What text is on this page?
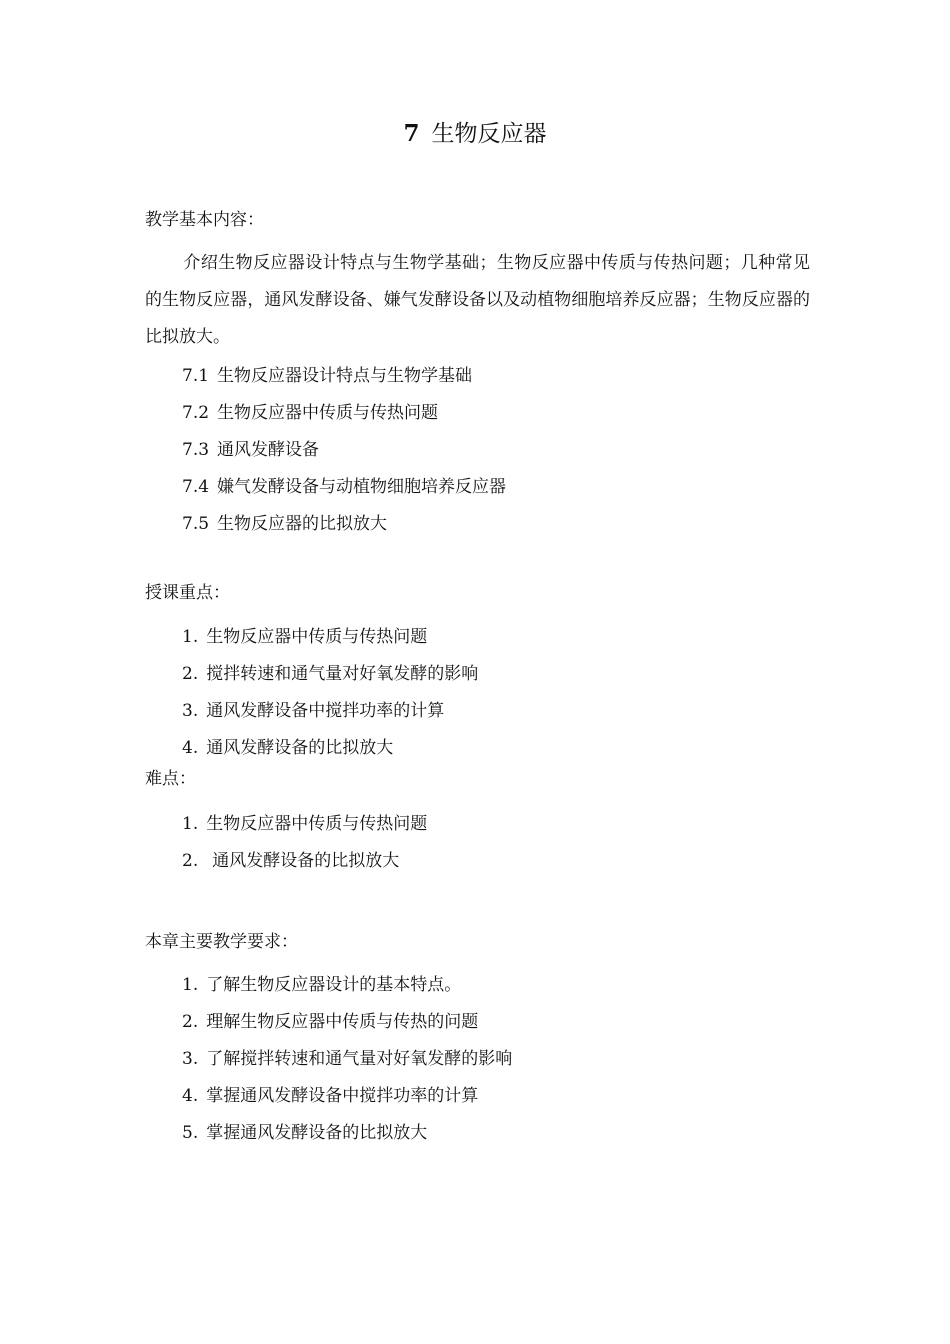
7 生物反应器
教学基本内容：
介绍生物反应器设计特点与生物学基础；生物反应器中传质与传热问题；几种常见的生物反应器，通风发酵设备、嫌气发酵设备以及动植物细胞培养反应器；生物反应器的比拟放大。
7.1 生物反应器设计特点与生物学基础
7.2 生物反应器中传质与传热问题
7.3 通风发酵设备
7.4 嫌气发酵设备与动植物细胞培养反应器
7.5 生物反应器的比拟放大
授课重点：
1. 生物反应器中传质与传热问题
2. 搅拌转速和通气量对好氧发酵的影响
3. 通风发酵设备中搅拌功率的计算
4. 通风发酵设备的比拟放大
难点：
1. 生物反应器中传质与传热问题
2. 通风发酵设备的比拟放大
本章主要教学要求：
1. 了解生物反应器设计的基本特点。
2. 理解生物反应器中传质与传热的问题
3. 了解搅拌转速和通气量对好氧发酵的影响
4. 掌握通风发酵设备中搅拌功率的计算
5. 掌握通风发酵设备的比拟放大
